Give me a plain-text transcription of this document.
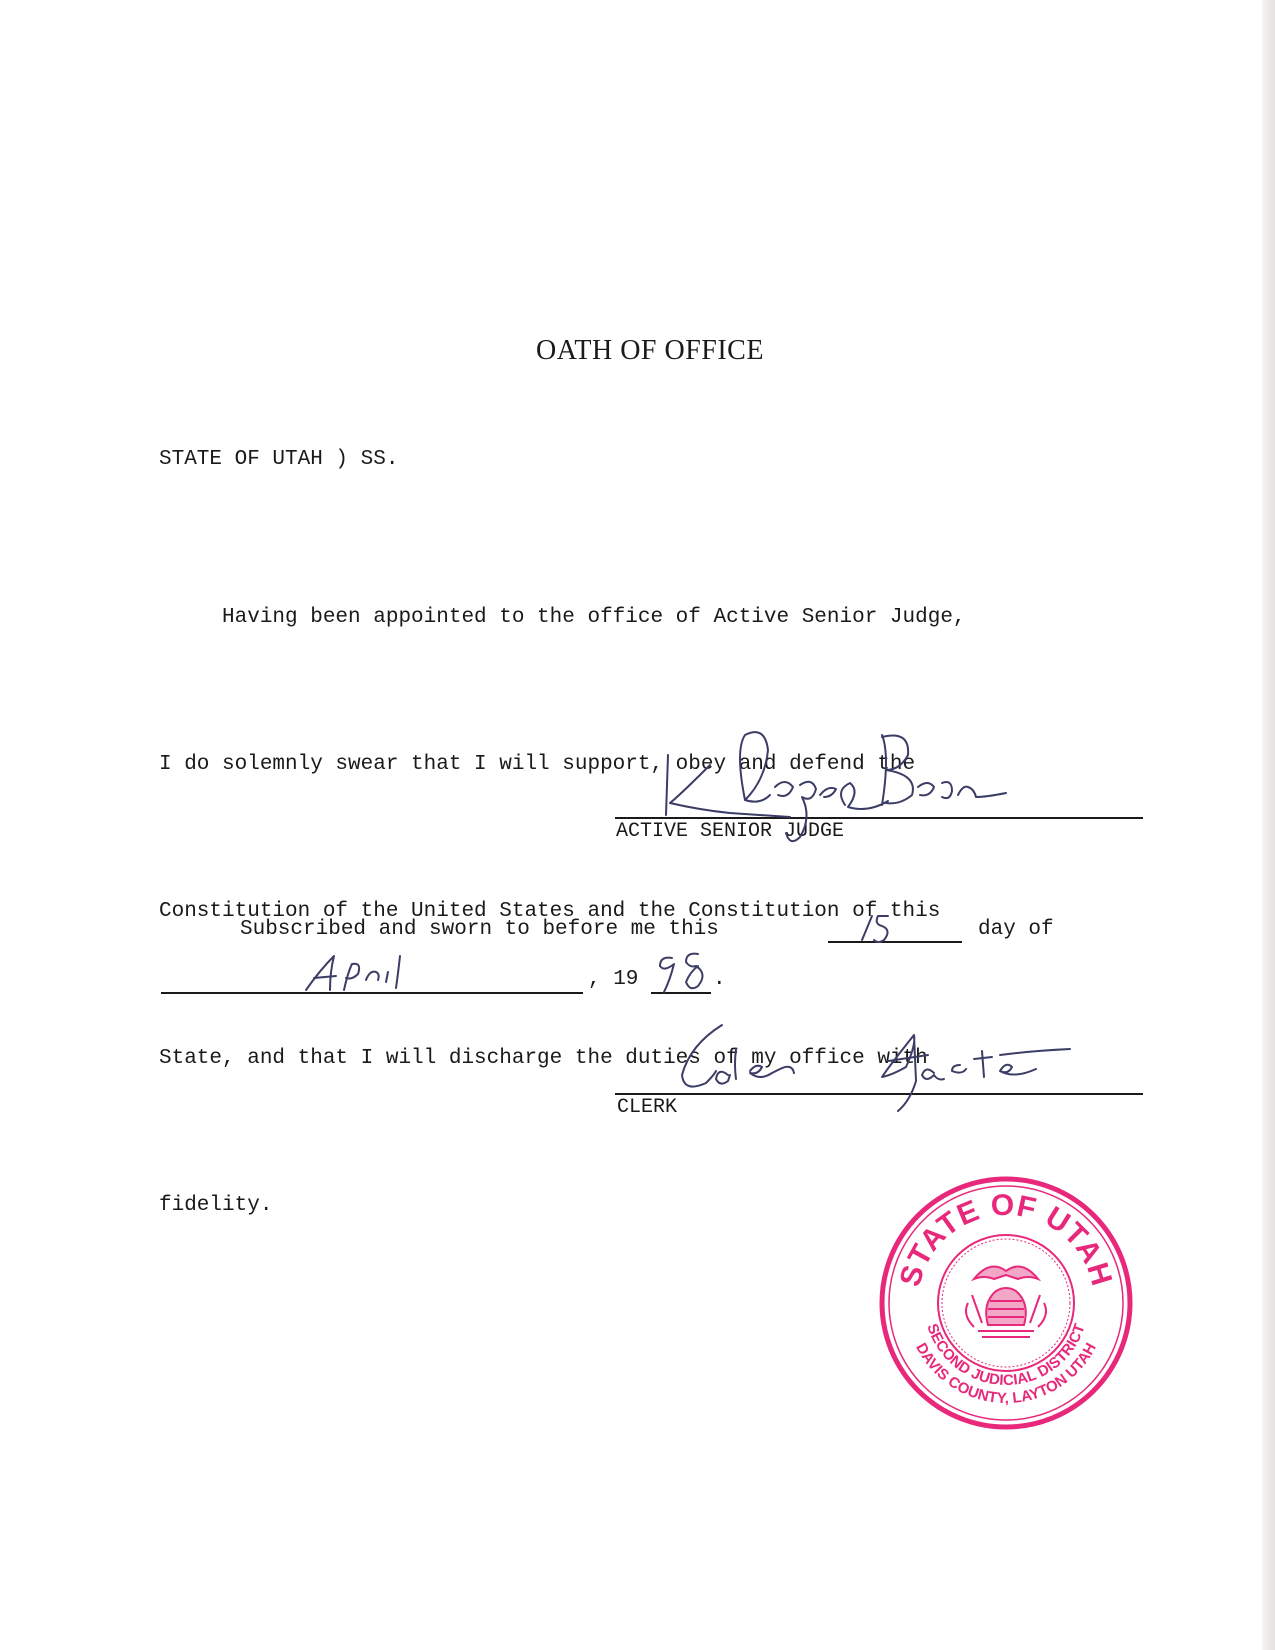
OATH OF OFFICE
STATE OF UTAH ) SS.

Having been appointed to the office of Active Senior Judge,

I do solemnly swear that I will support, obey and defend the

Constitution of the United States and the Constitution of this

State, and that I will discharge the duties of my office with

fidelity.

ACTIVE SENIOR JUDGE
Subscribed and sworn to before me this	day of
, 19	.
CLERK
STATE OF UTAH
DAVIS COUNTY, LAYTON UTAH
SECOND JUDICIAL DISTRICT
